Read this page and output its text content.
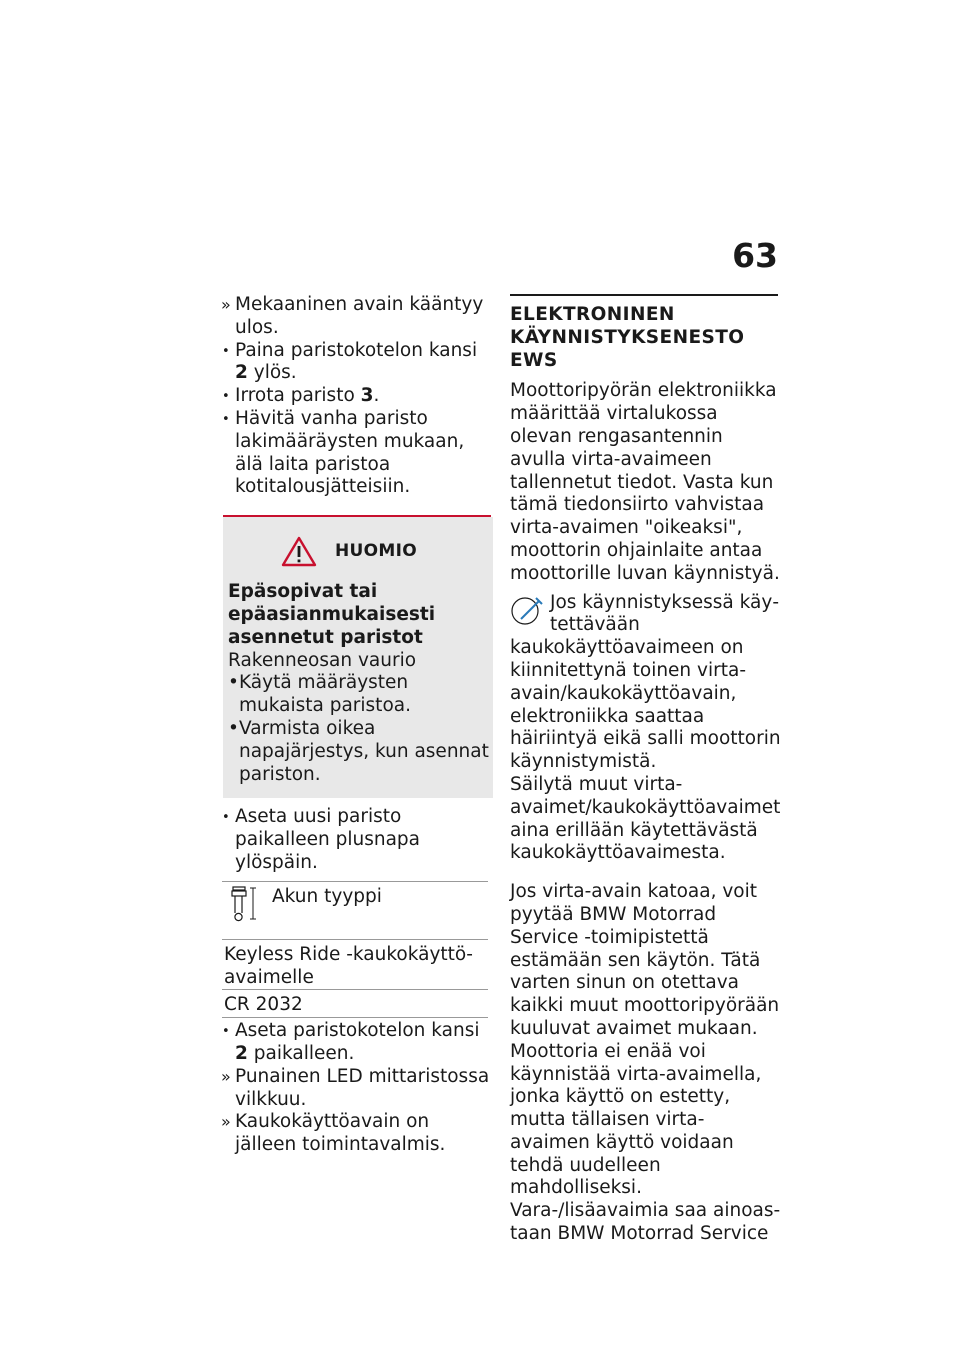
63
» Mekaaninen avain kääntyy ulos.
• Paina paristokotelon kansi 2 ylös.
• Irrota paristo 3.
• Hävitä vanha paristo lakimääräysten mukaan, älä laita paristoa kotitalousjätteisiin.
HUOMIO
Epäsopivat tai epäasianmukaisesti asennetut paristot
Rakenneosan vaurio
• Käytä määräysten mukaista paristoa.
• Varmista oikea napajärjestys, kun asennat pariston.
• Aseta uusi paristo paikalleen plusnapa ylöspäin.
Akun tyyppi

Keyless Ride -kaukokäyttöavaimelle
CR 2032
• Aseta paristokotelon kansi 2 paikalleen.
» Punainen LED mittaristossa vilkkuu.
» Kaukokäyttöavain on jälleen toimintavalmis.
ELEKTRONINEN KÄYNNISTYKSENESTO EWS

Moottoripyörän elektroniikka määrittää virtalukossa olevan rengasantennin avulla virta-avaimeen tallennetut tiedot. Vasta kun tämä tiedonsiirto vahvistaa virta-avaimen "oikeaksi", moottorin ohjainlaite antaa moottorille luvan käynnistyä.

Jos käynnistyksessä käytettävään kaukokäyttöavaimeen on kiinnitettynä toinen virta-avain/kaukokäyttöavain, elektroniikka saattaa häiriintyä eikä salli moottorin käynnistymistä.

Säilytä muut virta-avaimet/kaukokäyttöavaimet aina erillään käytettävästä kaukokäyttöavaimesta.

Jos virta-avain katoaa, voit pyytää BMW Motorrad Service -toimipistettä estämään sen käytön. Tätä varten sinun on otettava kaikki muut moottoripyörään kuuluvat avaimet mukaan.

Moottoria ei enää voi käynnistää virta-avaimella, jonka käyttö on estetty, mutta tällaisen virta-avaimen käyttö voidaan tehdä uudelleen mahdolliseksi.

Vara-/lisäavaimia saa ainoastaan BMW Motorrad Service
